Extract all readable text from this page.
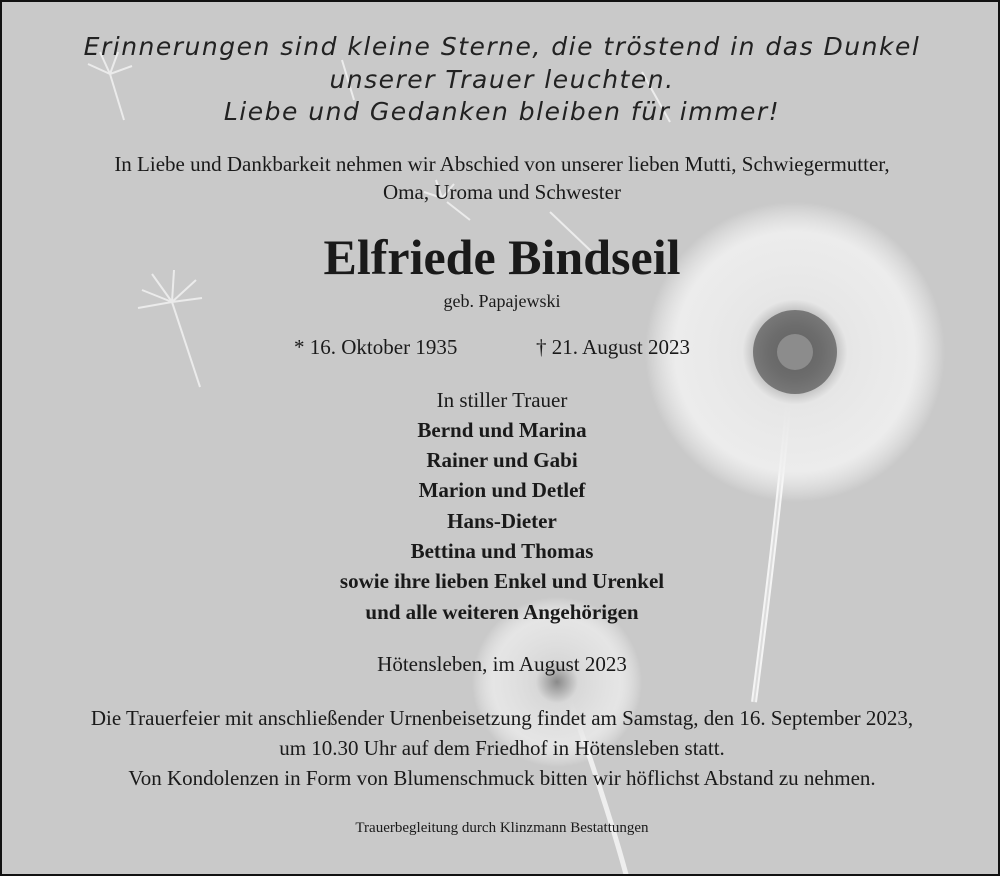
Erinnerungen sind kleine Sterne, die tröstend in das Dunkel
unserer Trauer leuchten.
Liebe und Gedanken bleiben für immer!
In Liebe und Dankbarkeit nehmen wir Abschied von unserer lieben Mutti, Schwiegermutter,
Oma, Uroma und Schwester
Elfriede Bindseil
geb. Papajewski
* 16. Oktober 1935	† 21. August 2023
In stiller Trauer
Bernd und Marina
Rainer und Gabi
Marion und Detlef
Hans-Dieter
Bettina und Thomas
sowie ihre lieben Enkel und Urenkel
und alle weiteren Angehörigen
Hötensleben, im August 2023
Die Trauerfeier mit anschließender Urnenbeisetzung findet am Samstag, den 16. September 2023,
um 10.30 Uhr auf dem Friedhof in Hötensleben statt.
Von Kondolenzen in Form von Blumenschmuck bitten wir höflichst Abstand zu nehmen.
Trauerbegleitung durch Klinzmann Bestattungen
